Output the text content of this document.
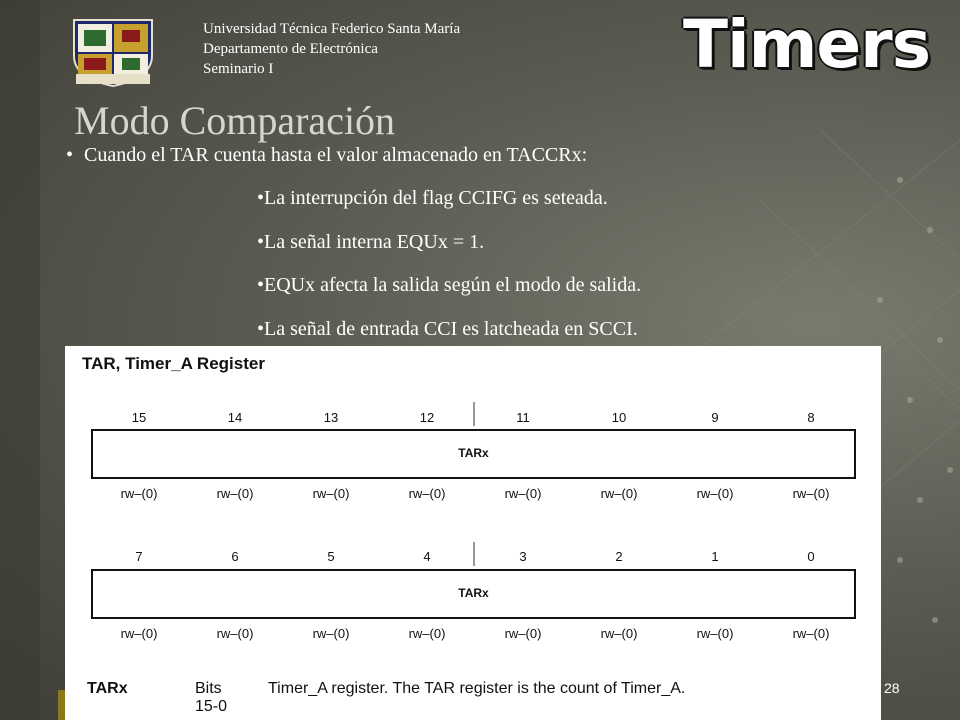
Universidad Técnica Federico Santa María
Departamento de Electrónica
Seminario I	Timers
Modo Comparación
• Cuando el TAR cuenta hasta el valor almacenado en TACCRx:
•La interrupción del flag CCIFG es seteada.
•La señal interna EQUx = 1.
•EQUx afecta la salida según el modo de salida.
•La señal de entrada CCI es latcheada en SCCI.
TAR, Timer_A Register
15	14	13	12	11	10	9	8
TARx
rw–(0)	rw–(0)	rw–(0)	rw–(0)	rw–(0)	rw–(0)	rw–(0)	rw–(0)
7	6	5	4	3	2	1	0
TARx
rw–(0)	rw–(0)	rw–(0)	rw–(0)	rw–(0)	rw–(0)	rw–(0)	rw–(0)
TARx	Bits
15-0
Timer_A register. The TAR register is the count of Timer_A.	28
